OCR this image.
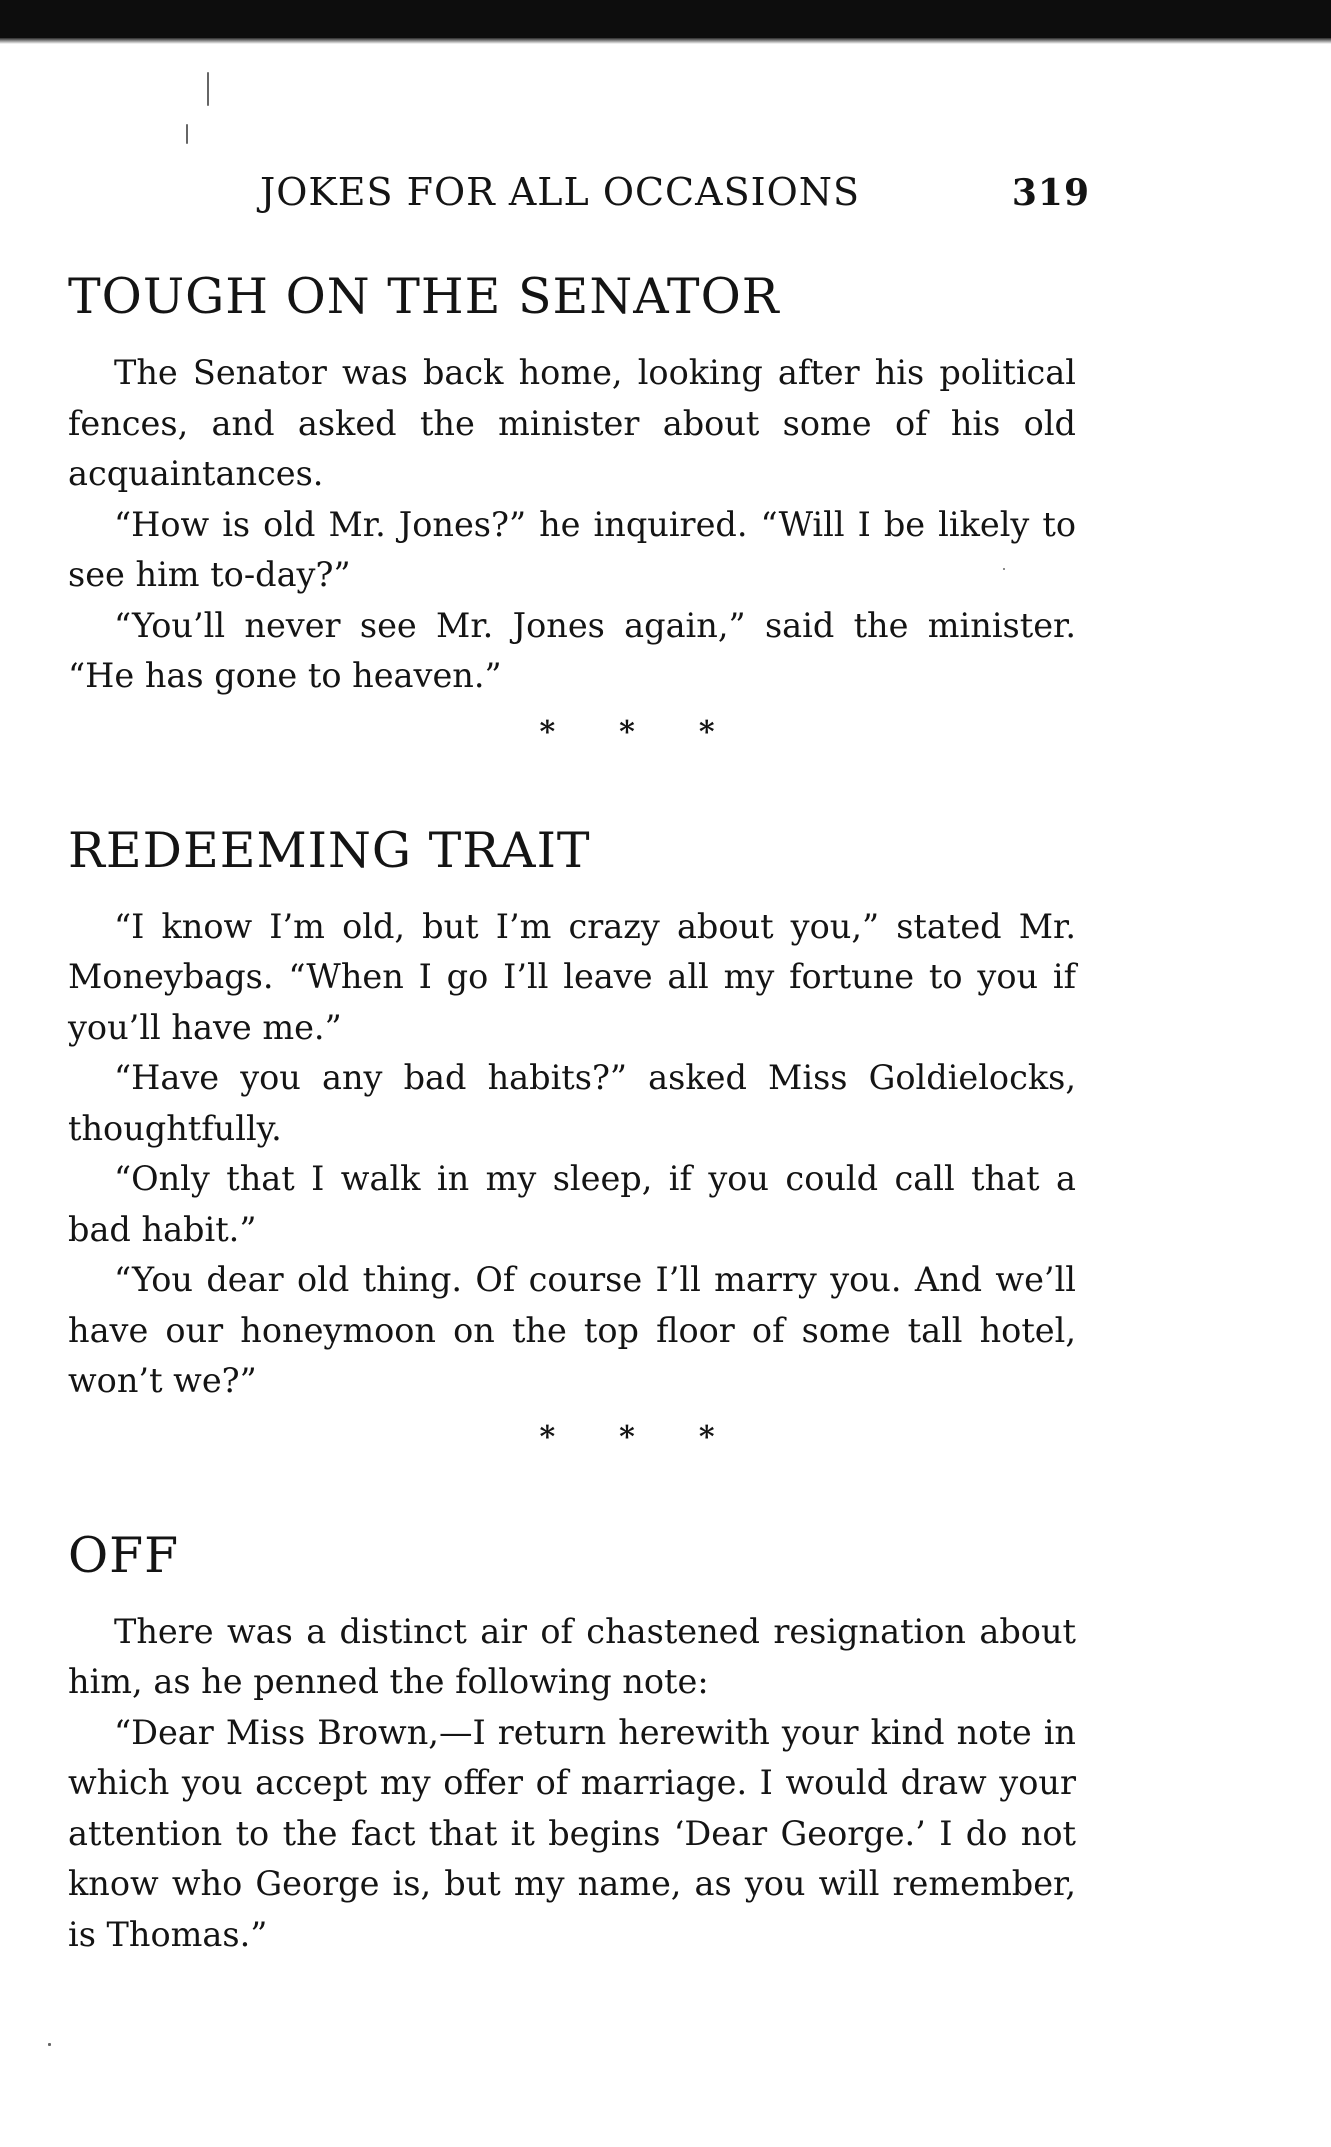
JOKES FOR ALL OCCASIONS	319
TOUGH ON THE SENATOR

The Senator was back home, looking after his political fences, and asked the minister about some of his old acquaintances.

“How is old Mr. Jones?” he inquired. “Will I be likely to see him to-day?”

“You’ll never see Mr. Jones again,” said the minister. “He has gone to heaven.”

* * *
REDEEMING TRAIT

“I know I’m old, but I’m crazy about you,” stated Mr. Moneybags. “When I go I’ll leave all my fortune to you if you’ll have me.”

“Have you any bad habits?” asked Miss Goldielocks, thoughtfully.

“Only that I walk in my sleep, if you could call that a bad habit.”

“You dear old thing. Of course I’ll marry you. And we’ll have our honeymoon on the top floor of some tall hotel, won’t we?”

* * *
OFF

There was a distinct air of chastened resignation about him, as he penned the following note:

“Dear Miss Brown,—I return herewith your kind note in which you accept my offer of marriage. I would draw your attention to the fact that it begins ‘Dear George.’ I do not know who George is, but my name, as you will remember, is Thomas.”
